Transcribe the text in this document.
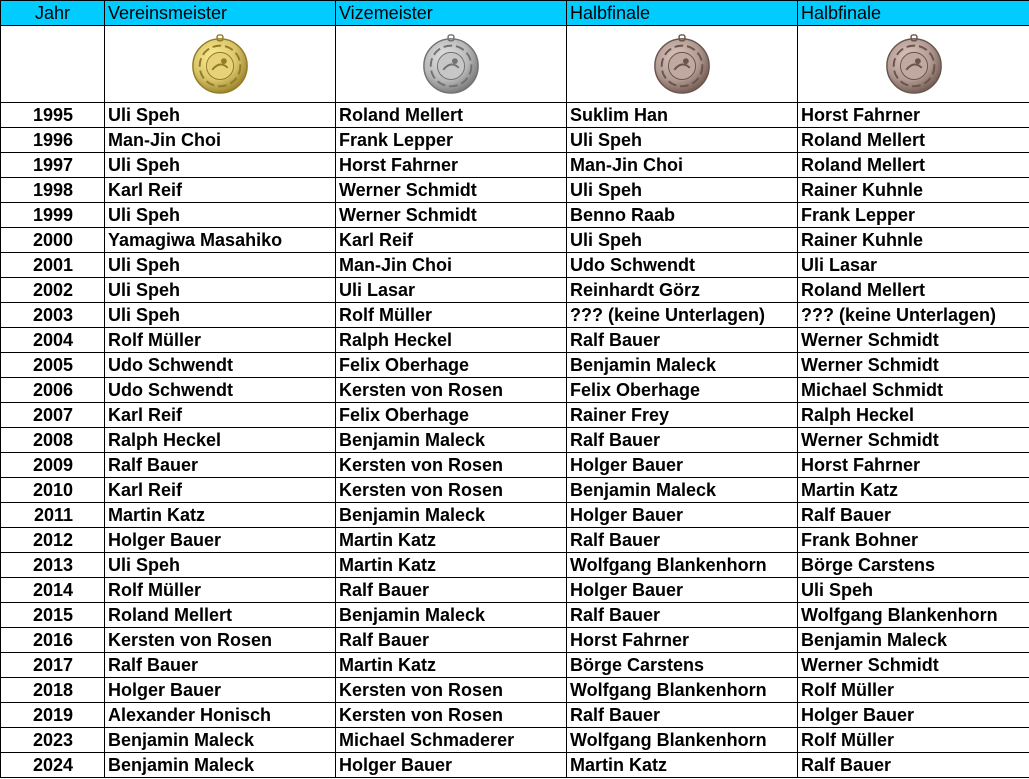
Jahr	Vereinsmeister	Vizemeister	Halbfinale	Halbfinale

1995	Uli Speh	Roland Mellert	Suklim Han	Horst Fahrner
1996	Man-Jin Choi	Frank Lepper	Uli Speh	Roland Mellert
1997	Uli Speh	Horst Fahrner	Man-Jin Choi	Roland Mellert
1998	Karl Reif	Werner Schmidt	Uli Speh	Rainer Kuhnle
1999	Uli Speh	Werner Schmidt	Benno Raab	Frank Lepper
2000	Yamagiwa Masahiko	Karl Reif	Uli Speh	Rainer Kuhnle
2001	Uli Speh	Man-Jin Choi	Udo Schwendt	Uli Lasar
2002	Uli Speh	Uli Lasar	Reinhardt Görz	Roland Mellert
2003	Uli Speh	Rolf Müller	??? (keine Unterlagen)	??? (keine Unterlagen)
2004	Rolf Müller	Ralph Heckel	Ralf Bauer	Werner Schmidt
2005	Udo Schwendt	Felix Oberhage	Benjamin Maleck	Werner Schmidt
2006	Udo Schwendt	Kersten von Rosen	Felix Oberhage	Michael Schmidt
2007	Karl Reif	Felix Oberhage	Rainer Frey	Ralph Heckel
2008	Ralph Heckel	Benjamin Maleck	Ralf Bauer	Werner Schmidt
2009	Ralf Bauer	Kersten von Rosen	Holger Bauer	Horst Fahrner
2010	Karl Reif	Kersten von Rosen	Benjamin Maleck	Martin Katz
2011	Martin Katz	Benjamin Maleck	Holger Bauer	Ralf Bauer
2012	Holger Bauer	Martin Katz	Ralf Bauer	Frank Bohner
2013	Uli Speh	Martin Katz	Wolfgang Blankenhorn	Börge Carstens
2014	Rolf Müller	Ralf Bauer	Holger Bauer	Uli Speh
2015	Roland Mellert	Benjamin Maleck	Ralf Bauer	Wolfgang Blankenhorn
2016	Kersten von Rosen	Ralf Bauer	Horst Fahrner	Benjamin Maleck
2017	Ralf Bauer	Martin Katz	Börge Carstens	Werner Schmidt
2018	Holger Bauer	Kersten von Rosen	Wolfgang Blankenhorn	Rolf Müller
2019	Alexander Honisch	Kersten von Rosen	Ralf Bauer	Holger Bauer
2023	Benjamin Maleck	Michael Schmaderer	Wolfgang Blankenhorn	Rolf Müller
2024	Benjamin Maleck	Holger Bauer	Martin Katz	Ralf Bauer
